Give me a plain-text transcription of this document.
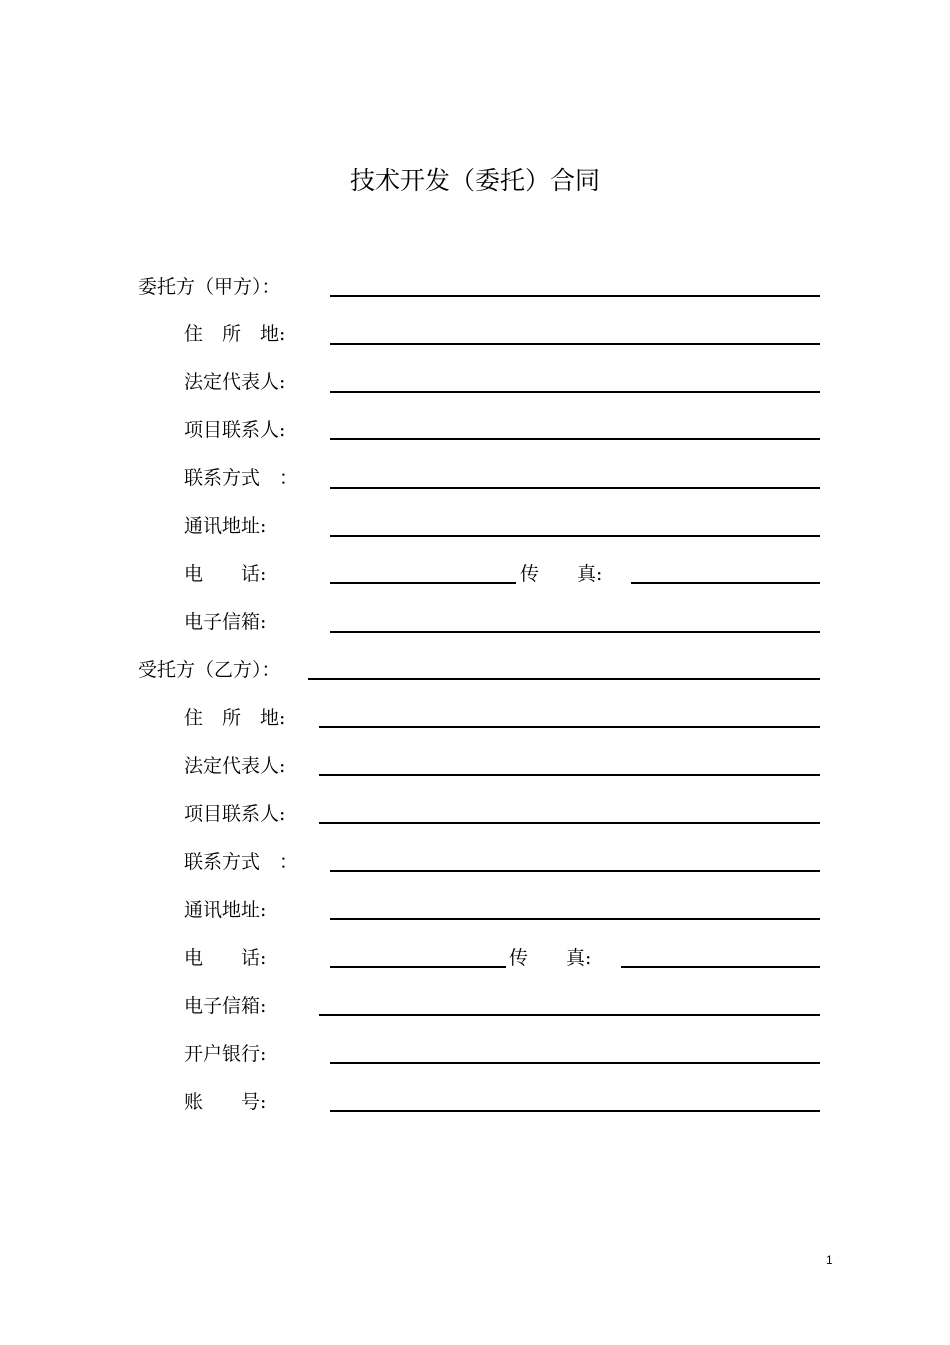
技术开发（委托）合同
委托方（甲方）：
住　所　地:
法定代表人:
项目联系人:
联系方式　：
通讯地址:
电　　话:	传　　真:
电子信箱:
受托方（乙方）：
住　所　地:
法定代表人:
项目联系人:
联系方式　：
通讯地址:
电　　话:	传　　真:
电子信箱:
开户银行:
账　　号:
1
